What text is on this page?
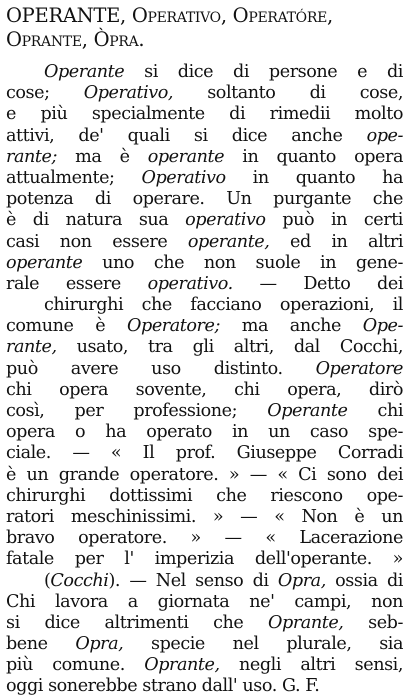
OPERANTE, Operativo, Operatóre,
Oprante, Òpra.
Operante si dice di persone e di
cose; Operativo, soltanto di cose,
e più specialmente di rimedii molto
attivi, de' quali si dice anche ope-
rante; ma è operante in quanto opera
attualmente; Operativo in quanto ha
potenza di operare. Un purgante che
è di natura sua operativo può in certi
casi non essere operante, ed in altri
operante uno che non suole in gene-
rale essere operativo. — Detto dei
chirurghi che facciano operazioni, il
comune è Operatore; ma anche Ope-
rante, usato, tra gli altri, dal Cocchi,
può avere uso distinto. Operatore
chi opera sovente, chi opera, dirò
così, per professione; Operante chi
opera o ha operato in un caso spe-
ciale. — « Il prof. Giuseppe Corradi
è un grande operatore. » — « Ci sono dei
chirurghi dottissimi che riescono ope-
ratori meschinissimi. » — « Non è un
bravo operatore. » — « Lacerazione
fatale per l' imperizia dell'operante. »
(Cocchi). — Nel senso di Opra, ossia di
Chi lavora a giornata ne' campi, non
si dice altrimenti che Oprante, seb-
bene Opra, specie nel plurale, sia
più comune. Oprante, negli altri sensi,
oggi sonerebbe strano dall' uso. G. F.
